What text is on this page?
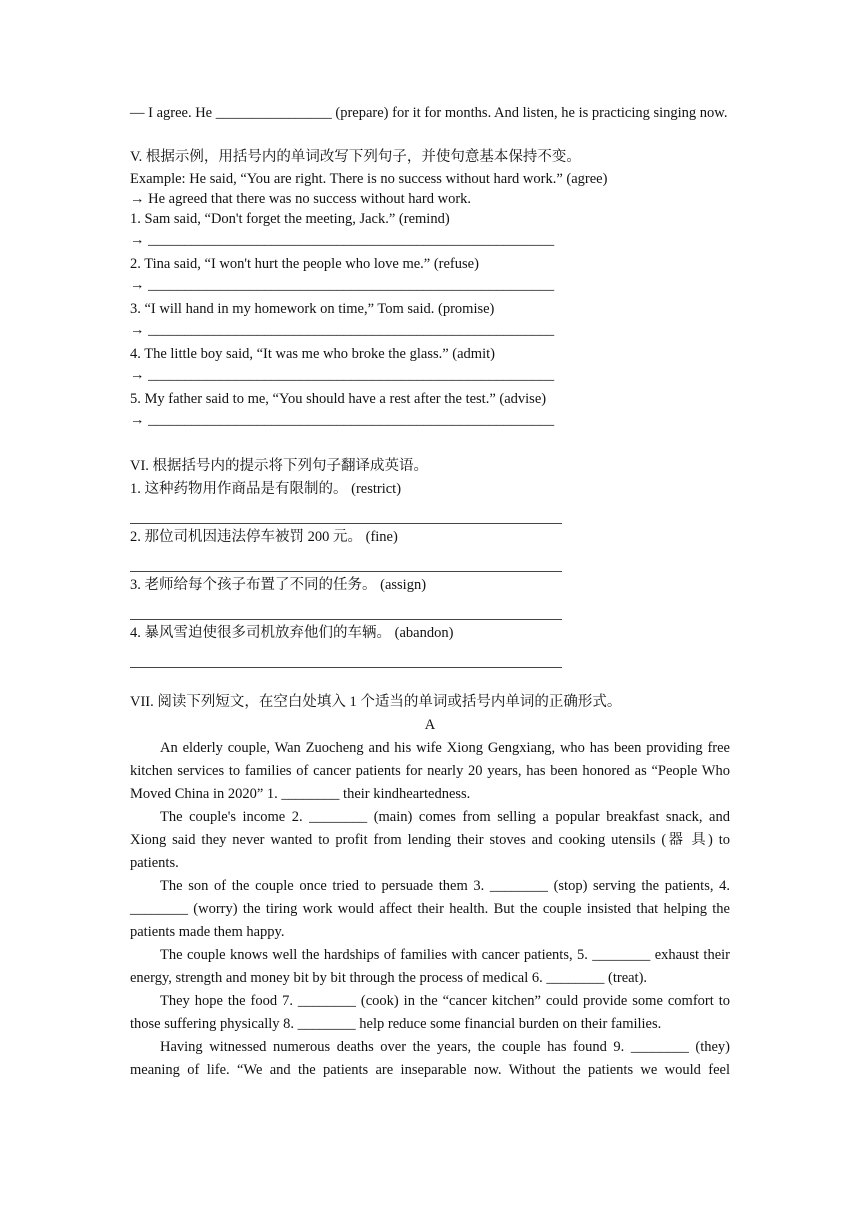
— I agree. He ________________ (prepare) for it for months. And listen, he is practicing singing now.

V. 根据示例，用括号内的单词改写下列句子，并使句意基本保持不变。

Example: He said, “You are right. There is no success without hard work.” (agree)

→ He agreed that there was no success without hard work.

1. Sam said, “Don't forget the meeting, Jack.” (remind)

→ ________________________________________________________

2. Tina said, “I won't hurt the people who love me.” (refuse)

→ ________________________________________________________

3. “I will hand in my homework on time,” Tom said. (promise)

→ ________________________________________________________

4. The little boy said, “It was me who broke the glass.” (admit)

→ ________________________________________________________

5. My father said to me, “You should have a rest after the test.” (advise)

→ ________________________________________________________

VI. 根据括号内的提示将下列句子翻译成英语。

1. 这种药物用作商品是有限制的。 (restrict)

2. 那位司机因违法停车被罚 200 元。 (fine)

3. 老师给每个孩子布置了不同的任务。 (assign)

4. 暴风雪迫使很多司机放弃他们的车辆。 (abandon)

VII. 阅读下列短文，在空白处填入 1 个适当的单词或括号内单词的正确形式。

A

An elderly couple, Wan Zuocheng and his wife Xiong Gengxiang, who has been providing free kitchen services to families of cancer patients for nearly 20 years, has been honored as “People Who Moved China in 2020” 1. ________ their kindheartedness.

The couple's income 2. ________ (main) comes from selling a popular breakfast snack, and Xiong said they never wanted to profit from lending their stoves and cooking utensils (器 具) to patients.

The son of the couple once tried to persuade them 3. ________ (stop) serving the patients, 4. ________ (worry) the tiring work would affect their health. But the couple insisted that helping the patients made them happy.

The couple knows well the hardships of families with cancer patients, 5. ________ exhaust their energy, strength and money bit by bit through the process of medical 6. ________ (treat).

They hope the food 7. ________ (cook) in the “cancer kitchen” could provide some comfort to those suffering physically 8. ________ help reduce some financial burden on their families.

Having witnessed numerous deaths over the years, the couple has found 9. ________ (they) meaning of life. “We and the patients are inseparable now. Without the patients we would feel
